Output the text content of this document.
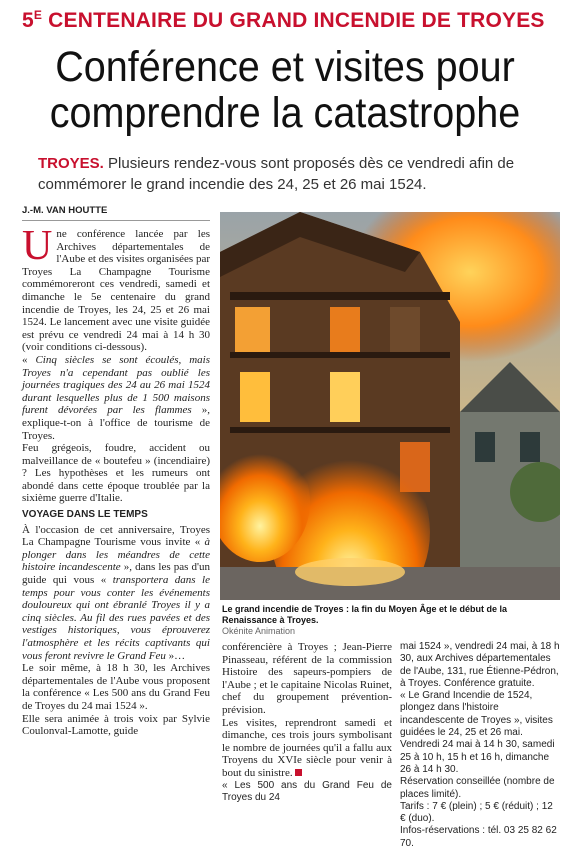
$5^E$ CENTENAIRE DU GRAND INCENDIE DE TROYES
Conférence et visites pour
comprendre la catastrophe
TROYES. Plusieurs rendez-vous sont proposés dès ce vendredi afin de commémorer le grand incendie des 24, 25 et 26 mai 1524.
J.-M. VAN HOUTTE

Une conférence lancée par les Archives départementales de l'Aube et des visites organisées par Troyes La Champagne Tourisme commémoreront ces vendredi, samedi et dimanche le 5e centenaire du grand incendie de Troyes, les 24, 25 et 26 mai 1524. Le lancement avec une visite guidée est prévu ce vendredi 24 mai à 14 h 30 (voir conditions ci-dessous).

« Cinq siècles se sont écoulés, mais Troyes n'a cependant pas oublié les journées tragiques des 24 au 26 mai 1524 durant lesquelles plus de 1 500 maisons furent dévorées par les flammes », explique-t-on à l'office de tourisme de Troyes.

Feu grégeois, foudre, accident ou malveillance de « boutefeu » (incendiaire) ? Les hypothèses et les rumeurs ont abondé dans cette époque troublée par la sixième guerre d'Italie.

VOYAGE DANS LE TEMPS

À l'occasion de cet anniversaire, Troyes La Champagne Tourisme vous invite « à plonger dans les méandres de cette histoire incandescente », dans les pas d'un guide qui vous « transportera dans le temps pour vous conter les événements douloureux qui ont ébranlé Troyes il y a cinq siècles. Au fil des rues pavées et des vestiges historiques, vous éprouverez l'atmosphère et les récits captivants qui vous feront revivre le Grand Feu »…

Le soir même, à 18 h 30, les Archives départementales de l'Aube vous proposent la conférence « Les 500 ans du Grand Feu de Troyes du 24 mai 1524 ».

Elle sera animée à trois voix par Sylvie Coulonval-Lamotte, guide

Le grand incendie de Troyes : la fin du Moyen Âge et le début de la Renaissance à Troyes.
Okénite Animation

conférencière à Troyes ; Jean-Pierre Pinasseau, référent de la commission Histoire des sapeurs-pompiers de l'Aube ; et le capitaine Nicolas Ruinet, chef du groupement prévention-prévision.

Les visites, reprendront samedi et dimanche, ces trois jours symbolisant le nombre de journées qu'il a fallu aux Troyens du XVIe siècle pour venir à bout du sinistre.

« Les 500 ans du Grand Feu de Troyes du 24

mai 1524 », vendredi 24 mai, à 18 h 30, aux Archives départementales de l'Aube, 131, rue Étienne-Pédron, à Troyes. Conférence gratuite.

« Le Grand Incendie de 1524, plongez dans l'histoire incandescente de Troyes », visites guidées le 24, 25 et 26 mai.

Vendredi 24 mai à 14 h 30, samedi 25 à 10 h, 15 h et 16 h, dimanche 26 à 14 h 30.

Réservation conseillée (nombre de places limité).

Tarifs : 7 € (plein) ; 5 € (réduit) ; 12 € (duo).

Infos-réservations : tél. 03 25 82 62 70.
